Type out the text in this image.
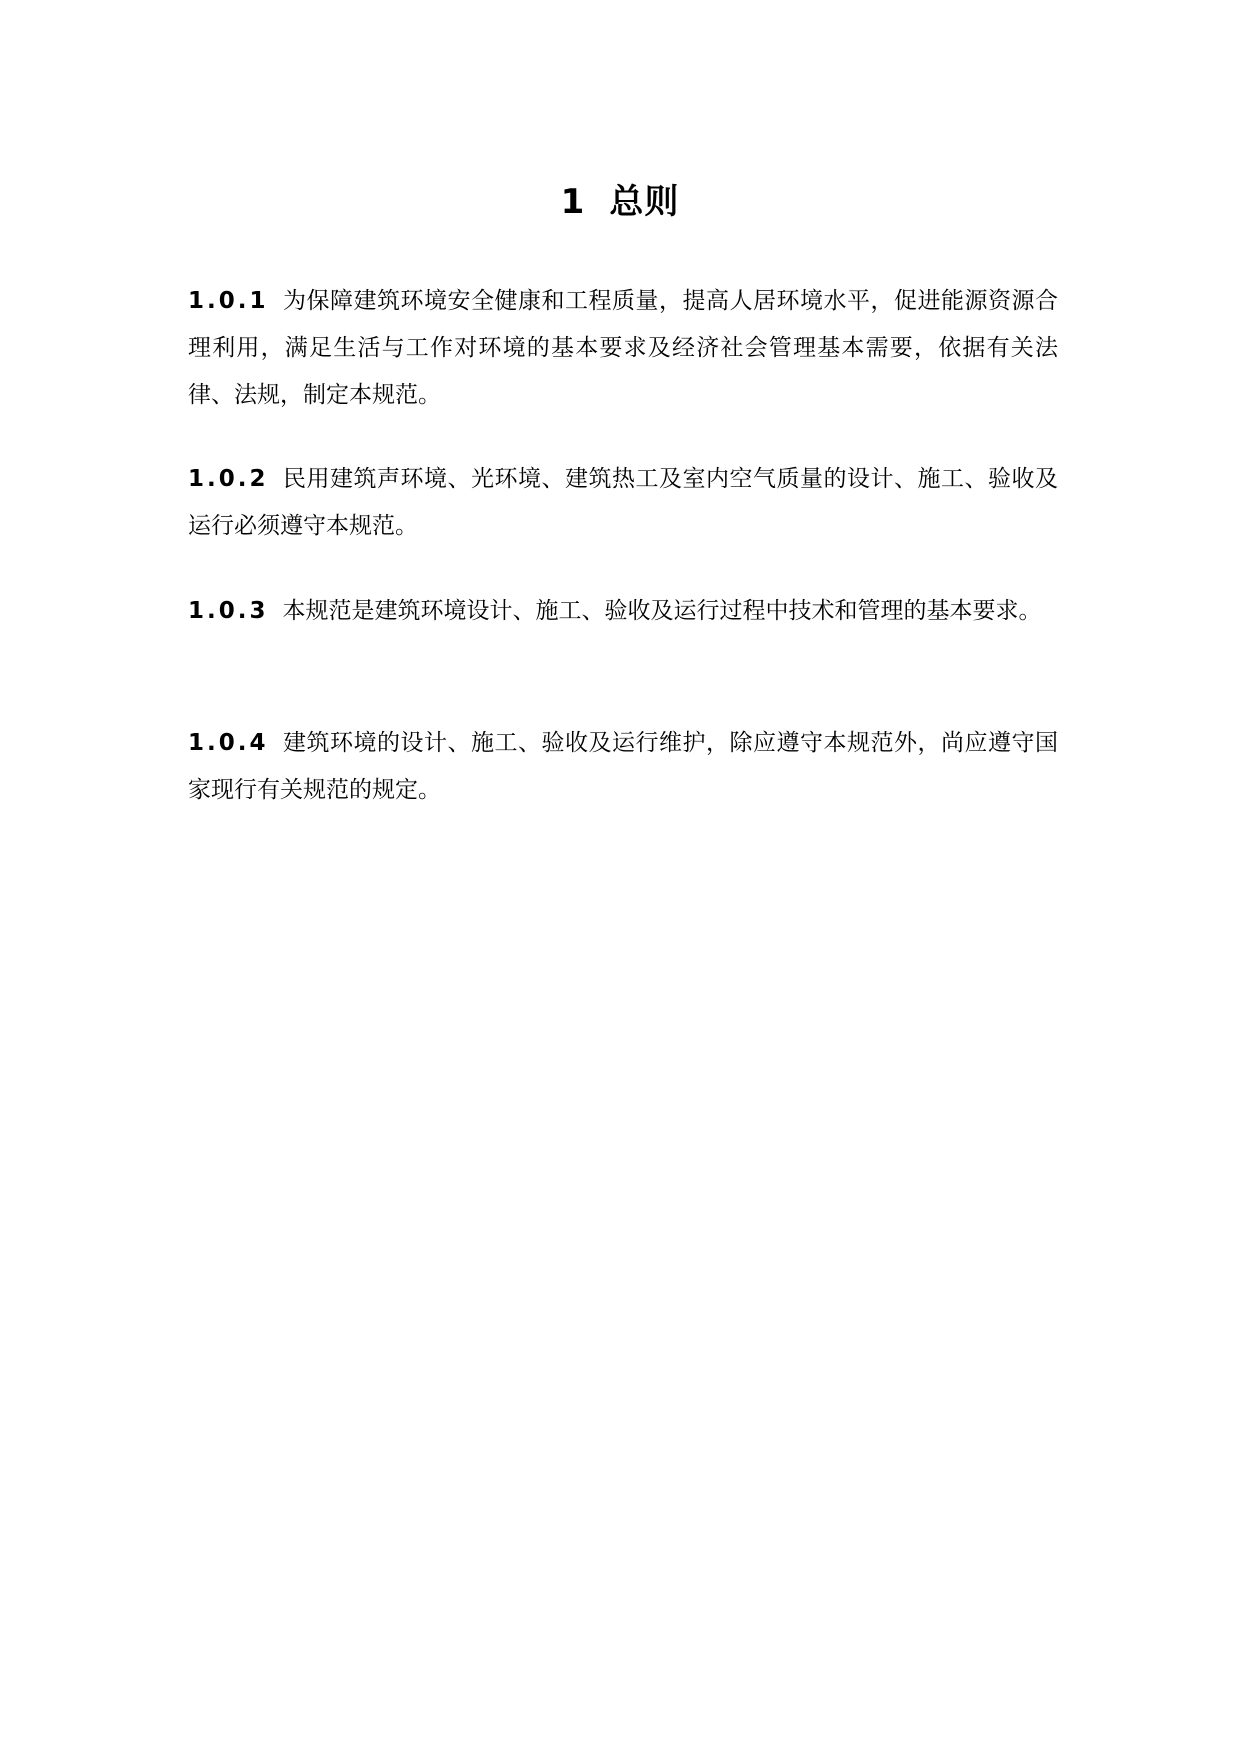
1 总则
1.0.1 为保障建筑环境安全健康和工程质量，提高人居环境水平，促进能源资源合理利用，满足生活与工作对环境的基本要求及经济社会管理基本需要，依据有关法律、法规，制定本规范。
1.0.2 民用建筑声环境、光环境、建筑热工及室内空气质量的设计、施工、验收及运行必须遵守本规范。
1.0.3 本规范是建筑环境设计、施工、验收及运行过程中技术和管理的基本要求。
1.0.4 建筑环境的设计、施工、验收及运行维护，除应遵守本规范外，尚应遵守国家现行有关规范的规定。
